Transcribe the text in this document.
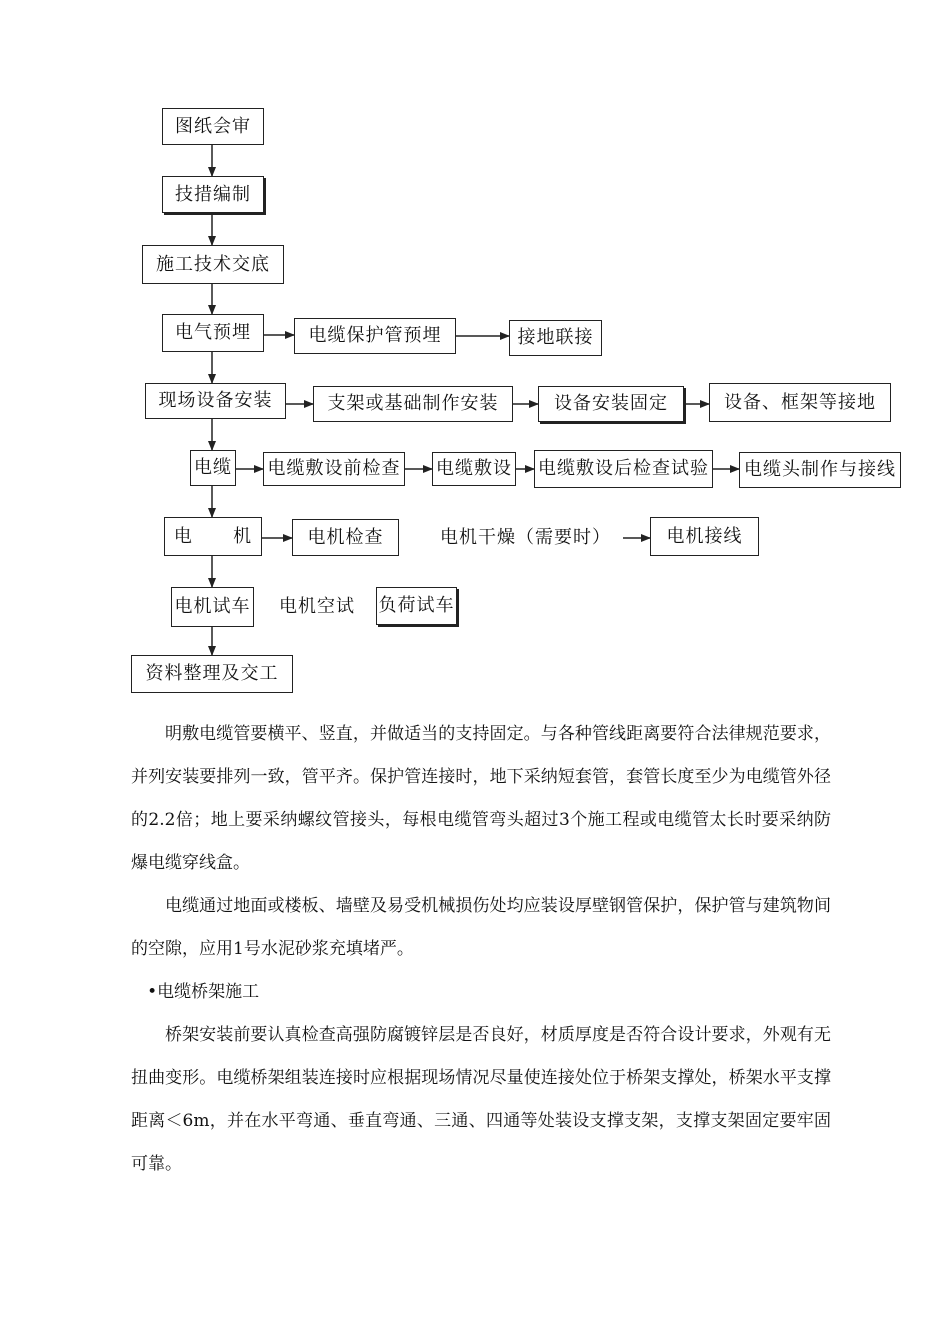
图纸会审
技措编制
施工技术交底
电气预埋	电缆保护管预埋	接地联接
现场设备安装	支架或基础制作安装	设备安装固定	设备、框架等接地
电缆 电缆敷设前检查 电缆敷设 电缆敷设后检查试验 电缆头制作与接线
电      机	电机检查	电机干燥（需要时）	电机接线
电机试车 电机空试 负荷试车
资料整理及交工

明敷电缆管要横平、竖直，并做适当的支持固定。与各种管线距离要符合法律规范要求，并列安装要排列一致，管平齐。保护管连接时，地下采纳短套管，套管长度至少为电缆管外径的2.2倍；地上要采纳螺纹管接头，每根电缆管弯头超过3个施工程或电缆管太长时要采纳防爆电缆穿线盒。

电缆通过地面或楼板、墙壁及易受机械损伤处均应装设厚壁钢管保护，保护管与建筑物间的空隙，应用1号水泥砂浆充填堵严。

•电缆桥架施工

桥架安装前要认真检查高强防腐镀锌层是否良好，材质厚度是否符合设计要求，外观有无扭曲变形。电缆桥架组装连接时应根据现场情况尽量使连接处位于桥架支撑处，桥架水平支撑距离＜6m，并在水平弯通、垂直弯通、三通、四通等处装设支撑支架，支撑支架固定要牢固可靠。
